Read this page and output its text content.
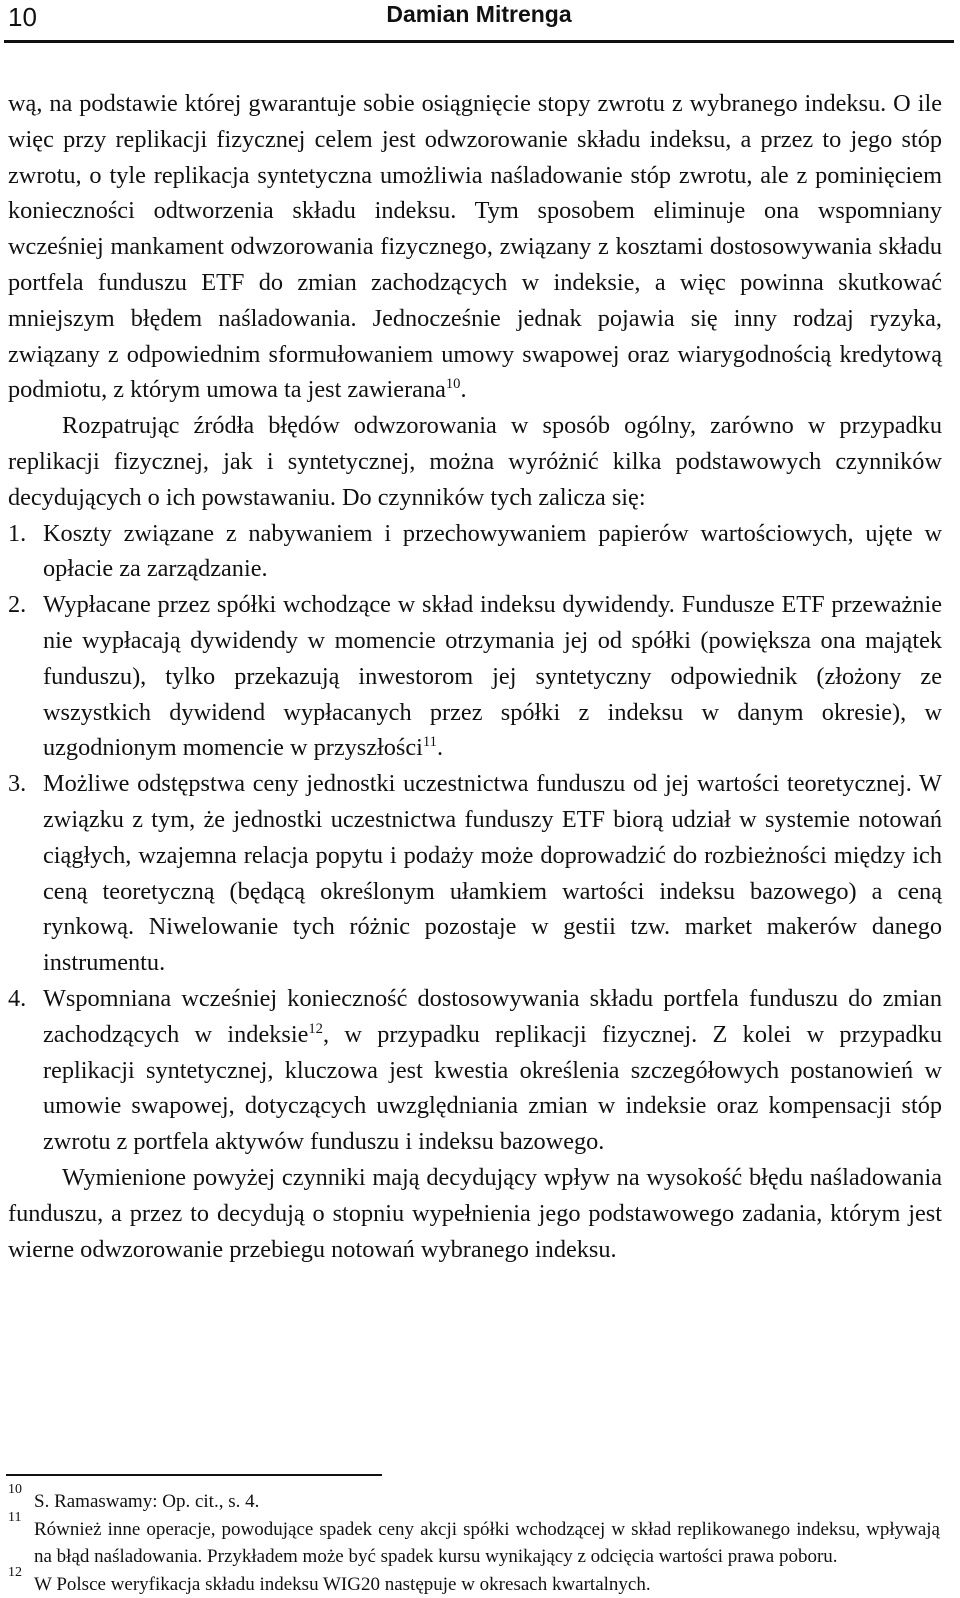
10	Damian Mitrenga

wą, na podstawie której gwarantuje sobie osiągnięcie stopy zwrotu z wybranego indeksu. O ile więc przy replikacji fizycznej celem jest odwzorowanie składu indeksu, a przez to jego stóp zwrotu, o tyle replikacja syntetyczna umożliwia naśladowanie stóp zwrotu, ale z pominięciem konieczności odtworzenia składu indeksu. Tym sposobem eliminuje ona wspomniany wcześniej mankament odwzorowania fizycznego, związany z kosztami dostosowywania składu portfela funduszu ETF do zmian zachodzących w indeksie, a więc powinna skutkować mniejszym błędem naśladowania. Jednocześnie jednak pojawia się inny rodzaj ryzyka, związany z odpowiednim sformułowaniem umowy swapowej oraz wiarygodnością kredytową podmiotu, z którym umowa ta jest zawierana$^{10}$.

Rozpatrując źródła błędów odwzorowania w sposób ogólny, zarówno w przypadku replikacji fizycznej, jak i syntetycznej, można wyróżnić kilka podstawowych czynników decydujących o ich powstawaniu. Do czynników tych zalicza się:

1. Koszty związane z nabywaniem i przechowywaniem papierów wartościowych, ujęte w opłacie za zarządzanie.
2. Wypłacane przez spółki wchodzące w skład indeksu dywidendy. Fundusze ETF przeważnie nie wypłacają dywidendy w momencie otrzymania jej od spółki (powiększa ona majątek funduszu), tylko przekazują inwestorom jej syntetyczny odpowiednik (złożony ze wszystkich dywidend wypłacanych przez spółki z indeksu w danym okresie), w uzgodnionym momencie w przyszłości$^{11}$.
3. Możliwe odstępstwa ceny jednostki uczestnictwa funduszu od jej wartości teoretycznej. W związku z tym, że jednostki uczestnictwa funduszy ETF biorą udział w systemie notowań ciągłych, wzajemna relacja popytu i podaży może doprowadzić do rozbieżności między ich ceną teoretyczną (będącą określonym ułamkiem wartości indeksu bazowego) a ceną rynkową. Niwelowanie tych różnic pozostaje w gestii tzw. market makerów danego instrumentu.
4. Wspomniana wcześniej konieczność dostosowywania składu portfela funduszu do zmian zachodzących w indeksie$^{12}$, w przypadku replikacji fizycznej. Z kolei w przypadku replikacji syntetycznej, kluczowa jest kwestia określenia szczegółowych postanowień w umowie swapowej, dotyczących uwzględniania zmian w indeksie oraz kompensacji stóp zwrotu z portfela aktywów funduszu i indeksu bazowego.

Wymienione powyżej czynniki mają decydujący wpływ na wysokość błędu naśladowania funduszu, a przez to decydują o stopniu wypełnienia jego podstawowego zadania, którym jest wierne odwzorowanie przebiegu notowań wybranego indeksu.

10
S. Ramaswamy: Op. cit., s. 4.
11
Również inne operacje, powodujące spadek ceny akcji spółki wchodzącej w skład replikowanego indeksu, wpływają na błąd naśladowania. Przykładem może być spadek kursu wynikający z odcięcia wartości prawa poboru.
12
W Polsce weryfikacja składu indeksu WIG20 następuje w okresach kwartalnych.
